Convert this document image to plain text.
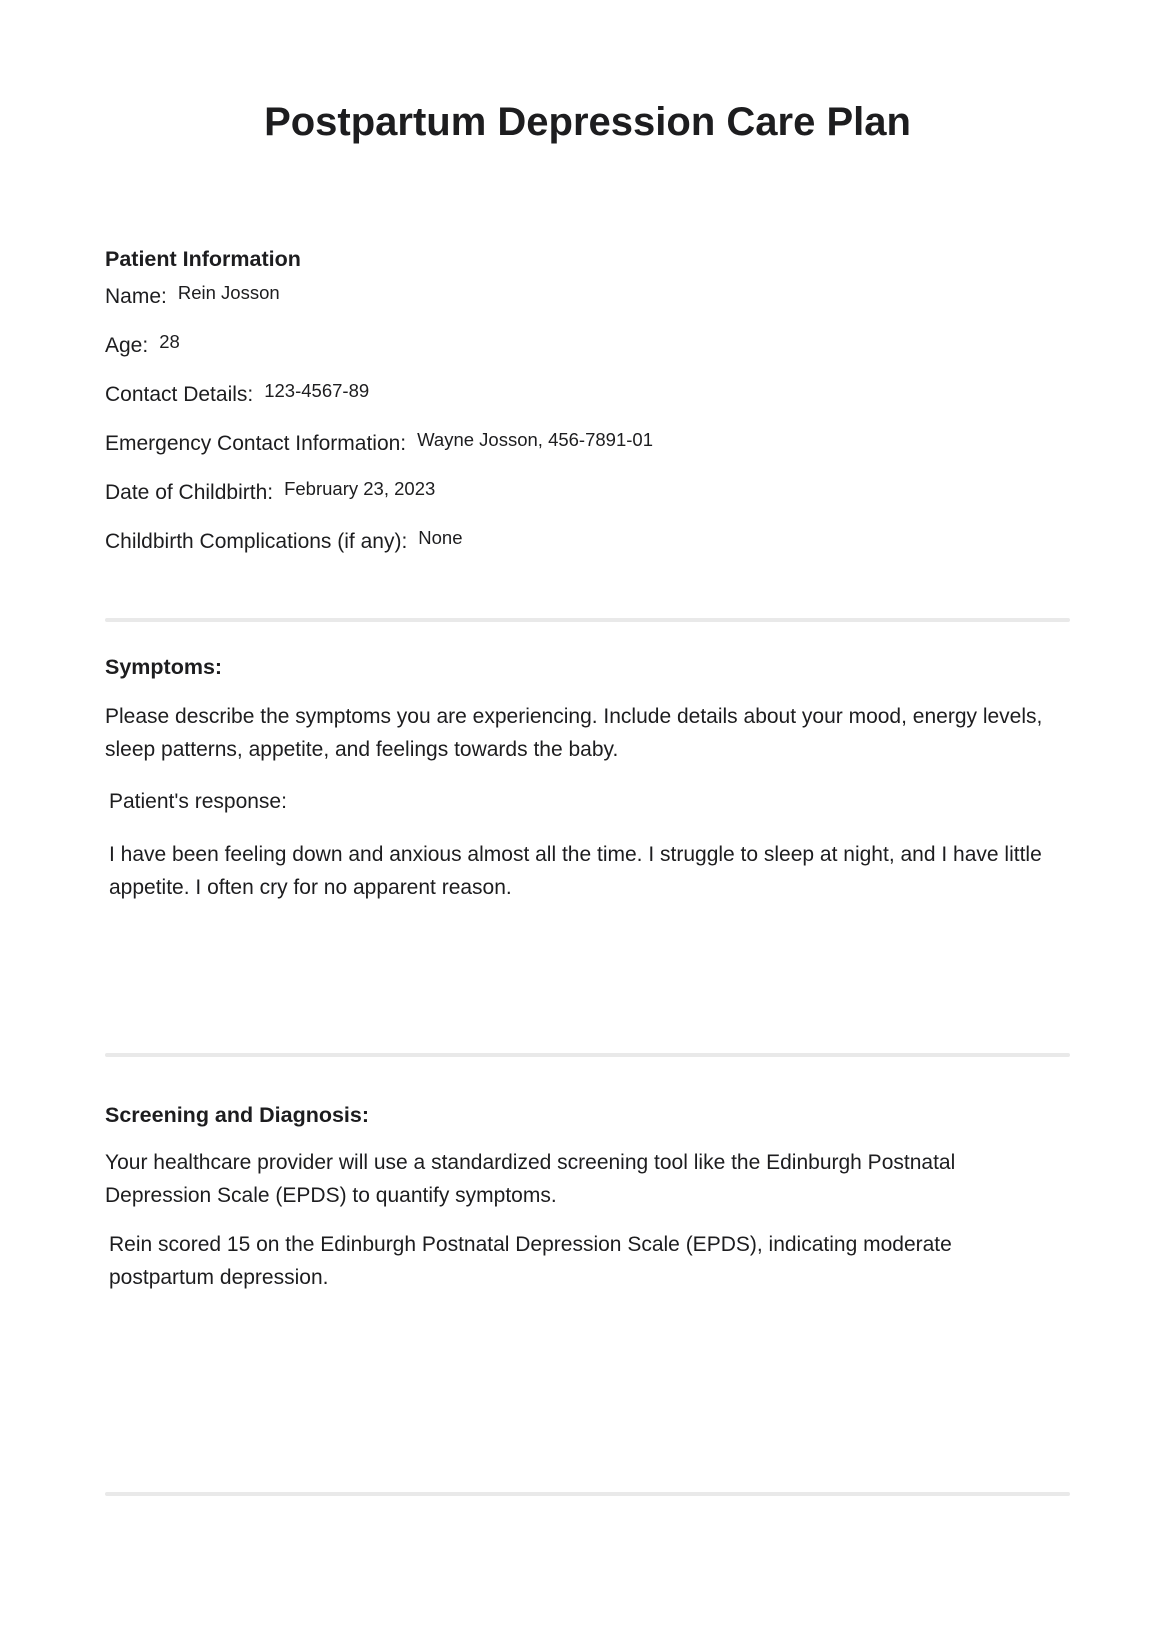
Postpartum Depression Care Plan
Patient Information
Name: Rein Josson
Age: 28
Contact Details: 123-4567-89
Emergency Contact Information: Wayne Josson, 456-7891-01
Date of Childbirth: February 23, 2023
Childbirth Complications (if any): None
Symptoms:

Please describe the symptoms you are experiencing. Include details about your mood, energy levels, sleep patterns, appetite, and feelings towards the baby.

Patient's response:

I have been feeling down and anxious almost all the time. I struggle to sleep at night, and I have little appetite. I often cry for no apparent reason.

Screening and Diagnosis:

Your healthcare provider will use a standardized screening tool like the Edinburgh Postnatal Depression Scale (EPDS) to quantify symptoms.

Rein scored 15 on the Edinburgh Postnatal Depression Scale (EPDS), indicating moderate postpartum depression.
